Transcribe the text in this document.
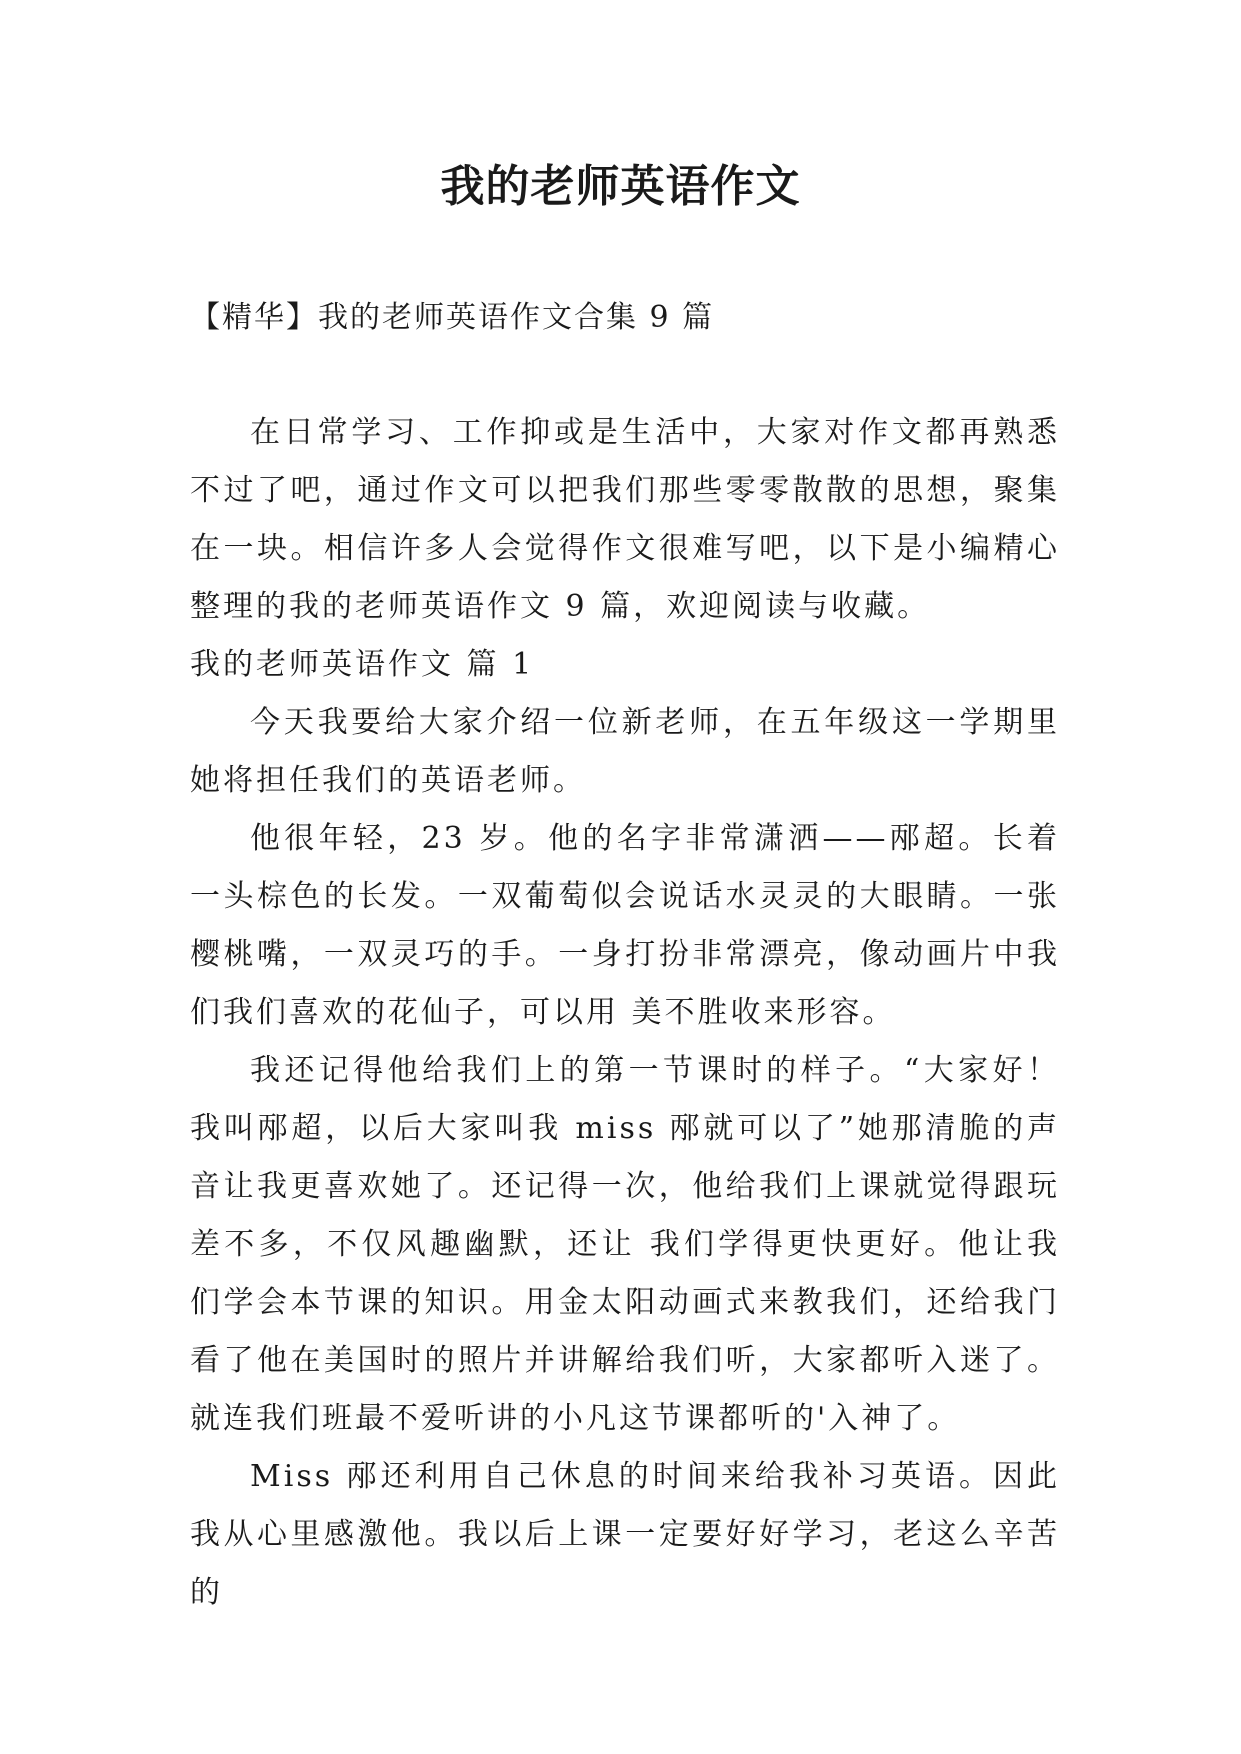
我的老师英语作文
【精华】我的老师英语作文合集 9 篇

在日常学习、工作抑或是生活中，大家对作文都再熟悉不过了吧，通过作文可以把我们那些零零散散的思想，聚集在一块。相信许多人会觉得作文很难写吧，以下是小编精心整理的我的老师英语作文 9 篇，欢迎阅读与收藏。

我的老师英语作文 篇 1

今天我要给大家介绍一位新老师，在五年级这一学期里她将担任我们的英语老师。

他很年轻，23 岁。他的名字非常潇洒——邴超。长着一头棕色的长发。一双葡萄似会说话水灵灵的大眼睛。一张樱桃嘴，一双灵巧的手。一身打扮非常漂亮，像动画片中我们我们喜欢的花仙子，可以用 美不胜收来形容。

我还记得他给我们上的第一节课时的样子。“大家好！我叫邴超，以后大家叫我 miss 邴就可以了”她那清脆的声音让我更喜欢她了。还记得一次，他给我们上课就觉得跟玩差不多，不仅风趣幽默，还让 我们学得更快更好。他让我们学会本节课的知识。用金太阳动画式来教我们，还给我门看了他在美国时的照片并讲解给我们听，大家都听入迷了。就连我们班最不爱听讲的小凡这节课都听的'入神了。

Miss 邴还利用自己休息的时间来给我补习英语。因此我从心里感激他。我以后上课一定要好好学习，老这么辛苦的
